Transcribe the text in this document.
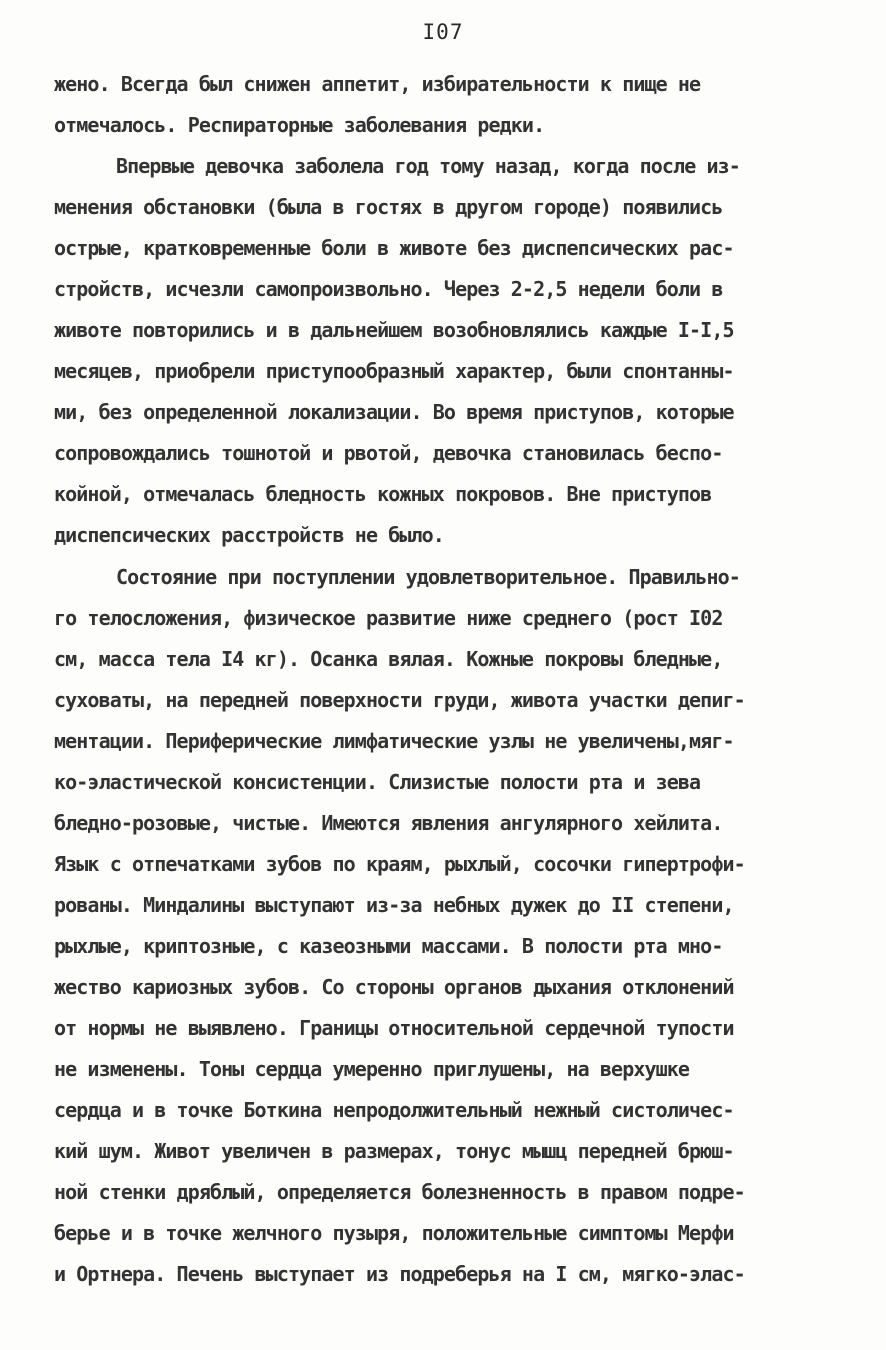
I07
жено. Всегда был снижен аппетит, избирательности к пище не
отмечалось. Респираторные заболевания редки.
Впервые девочка заболела год тому назад, когда после из-
менения обстановки (была в гостях в другом городе) появились
острые, кратковременные боли в животе без диспепсических рас-
стройств, исчезли самопроизвольно. Через 2-2,5 недели боли в
животе повторились и в дальнейшем возобновлялись каждые I-I,5
месяцев, приобрели приступообразный характер, были спонтанны-
ми, без определенной локализации. Во время приступов, которые
сопровождались тошнотой и рвотой, девочка становилась беспо-
койной, отмечалась бледность кожных покровов. Вне приступов
диспепсических расстройств не было.
Состояние при поступлении удовлетворительное. Правильно-
го телосложения, физическое развитие ниже среднего (рост I02
см, масса тела I4 кг). Осанка вялая. Кожные покровы бледные,
суховаты, на передней поверхности груди, живота участки депиг-
ментации. Периферические лимфатические узлы не увеличены,мяг-
ко-эластической консистенции. Слизистые полости рта и зева
бледно-розовые, чистые. Имеются явления ангулярного хейлита.
Язык с отпечатками зубов по краям, рыхлый, сосочки гипертрофи-
рованы. Миндалины выступают из-за небных дужек до II степени,
рыхлые, криптозные, с казеозными массами. В полости рта мно-
жество кариозных зубов. Со стороны органов дыхания отклонений
от нормы не выявлено. Границы относительной сердечной тупости
не изменены. Тоны сердца умеренно приглушены, на верхушке
сердца и в точке Боткина непродолжительный нежный систоличес-
кий шум. Живот увеличен в размерах, тонус мышц передней брюш-
ной стенки дряблый, определяется болезненность в правом подре-
берье и в точке желчного пузыря, положительные симптомы Мерфи
и Ортнера. Печень выступает из подреберья на I см, мягко-элас-
